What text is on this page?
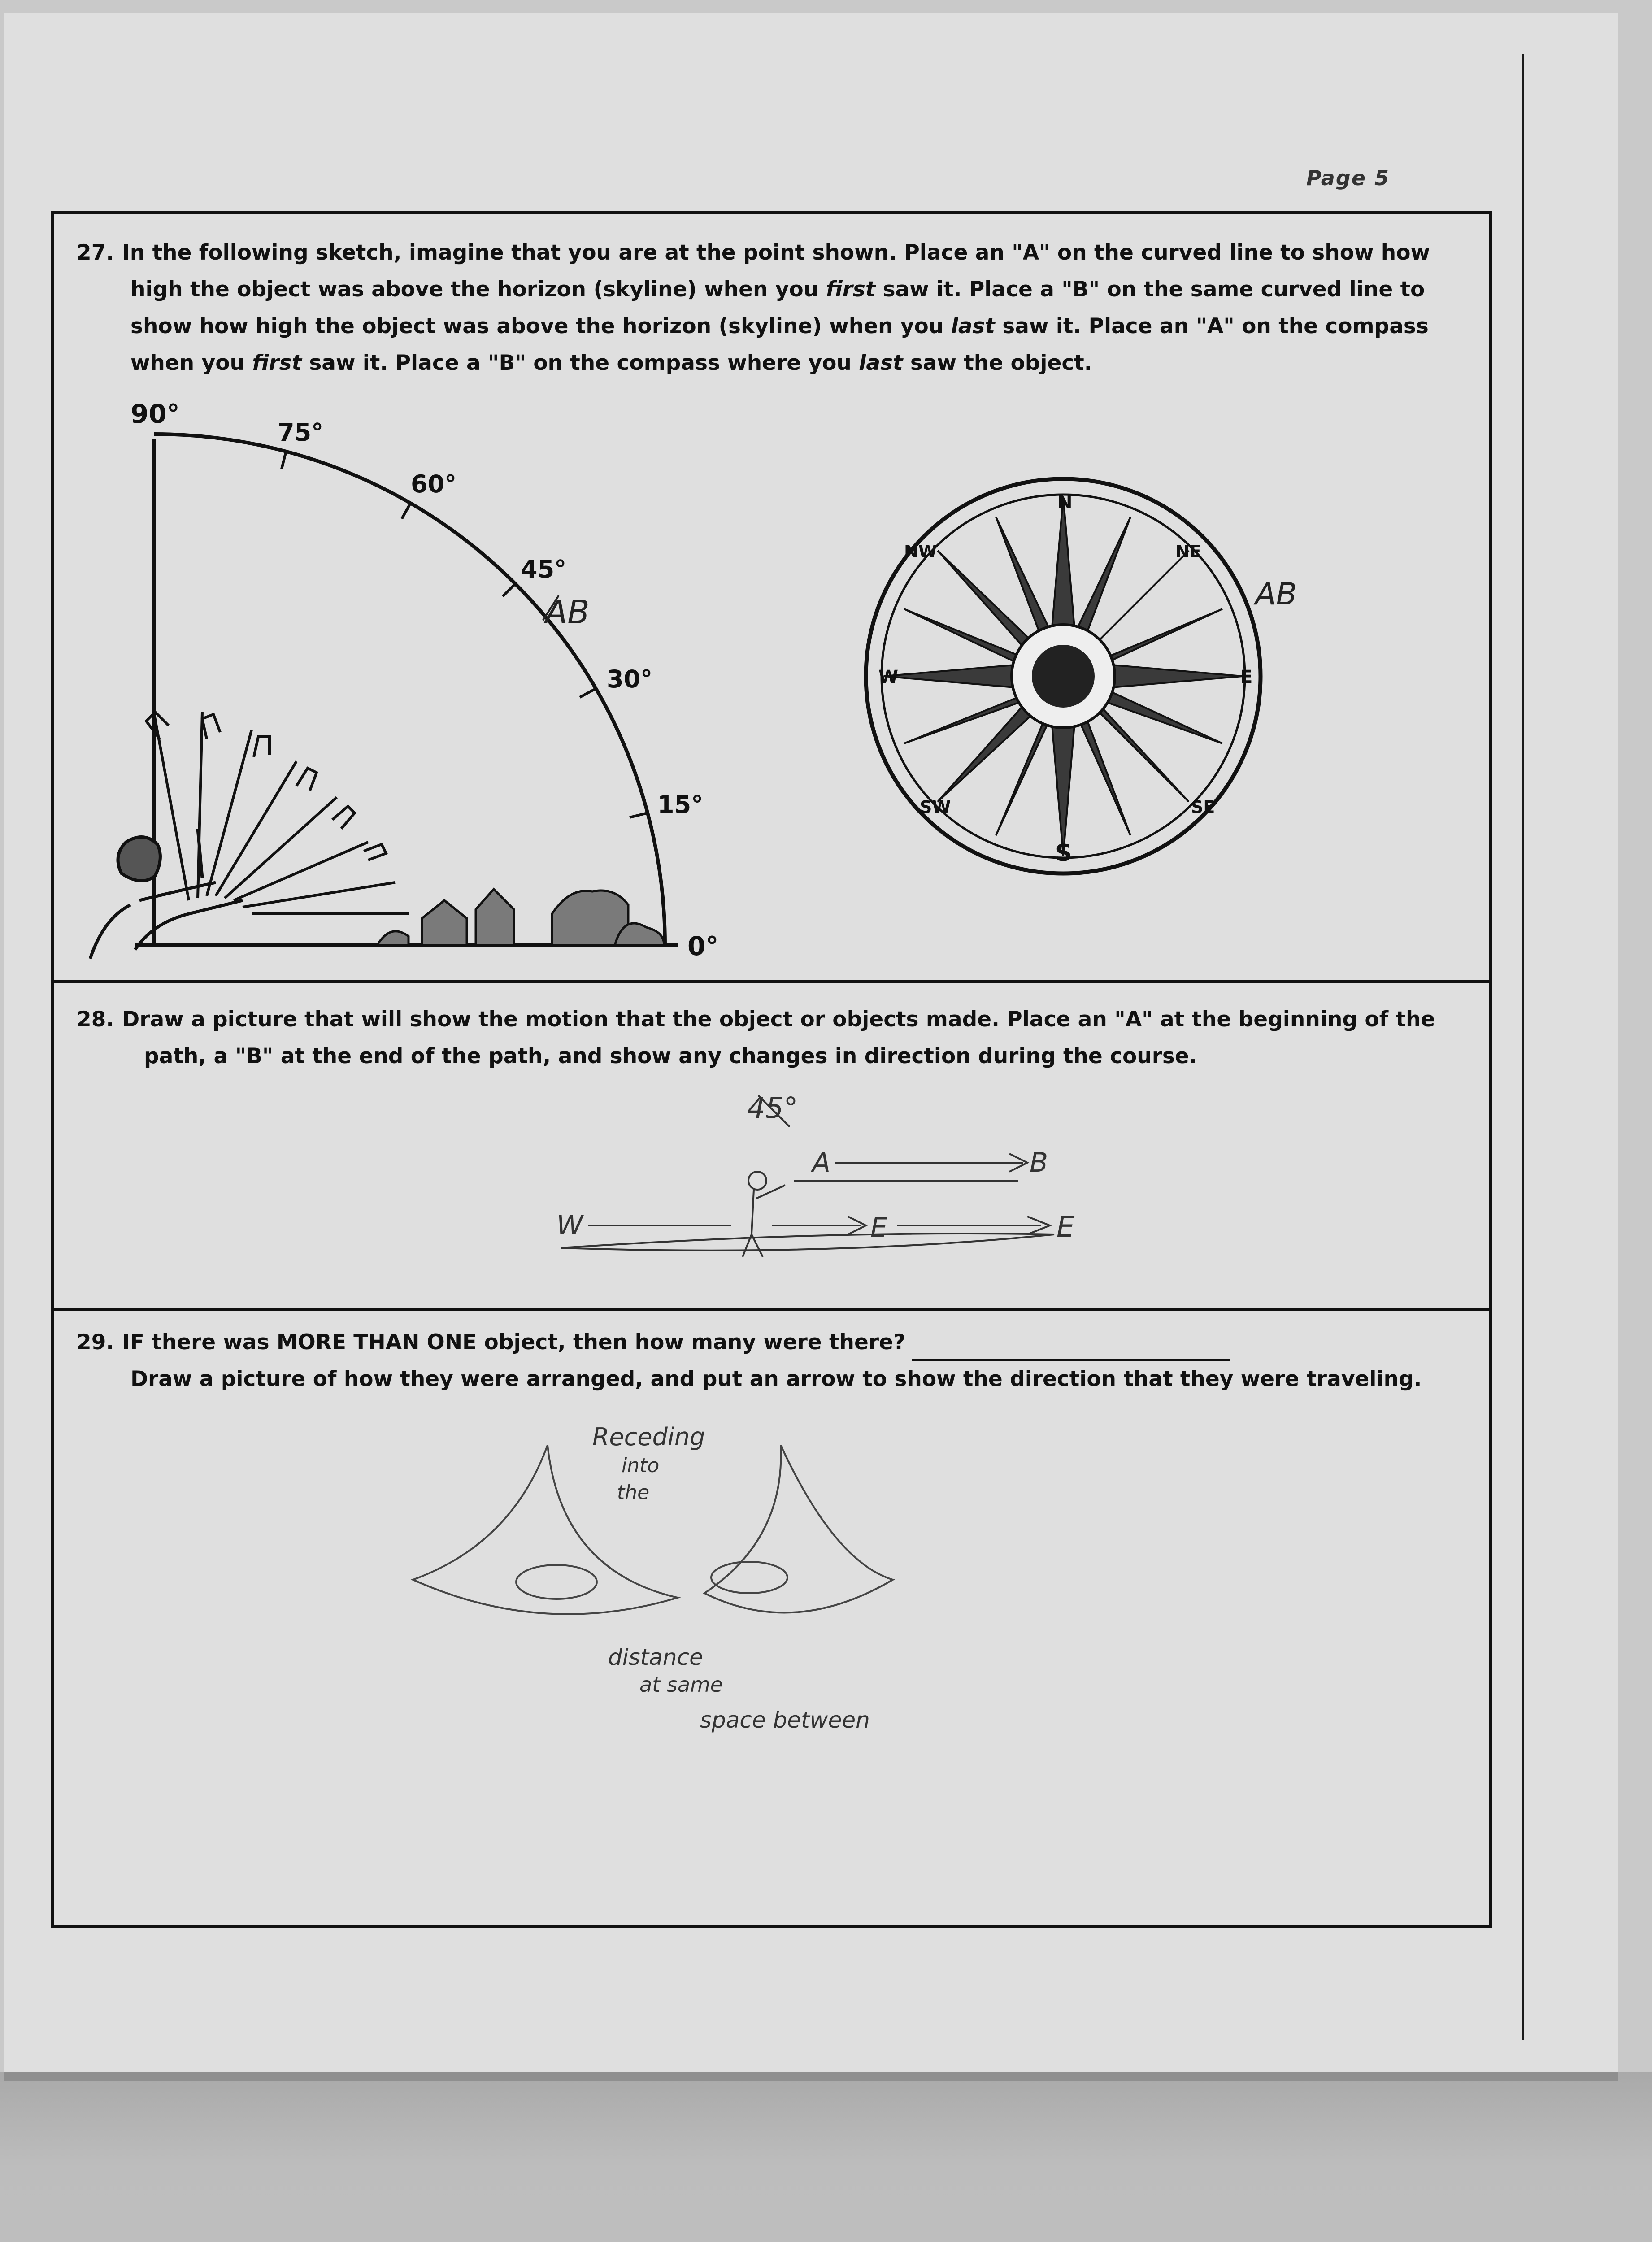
Page 5
27. In the following sketch, imagine that you are at the point shown. Place an "A" on the curved line to show how
high the object was above the horizon (skyline) when you first saw it. Place a "B" on the same curved line to
show how high the object was above the horizon (skyline) when you last saw it. Place an "A" on the compass
when you first saw it. Place a "B" on the compass where you last saw the object.
90°
75°
60°
45°
30°
15°
0°
AB
N
NE
E
SE
S
SW
NW
W
AB
28. Draw a picture that will show the motion that the object or objects made. Place an "A" at the beginning of the
path, a "B" at the end of the path, and show any changes in direction during the course.
45°
A	B
W	E	E
29. IF there was MORE THAN ONE object, then how many were there?
Draw a picture of how they were arranged, and put an arrow to show the direction that they were traveling.
Receding
into
the
distance
at same
space between
